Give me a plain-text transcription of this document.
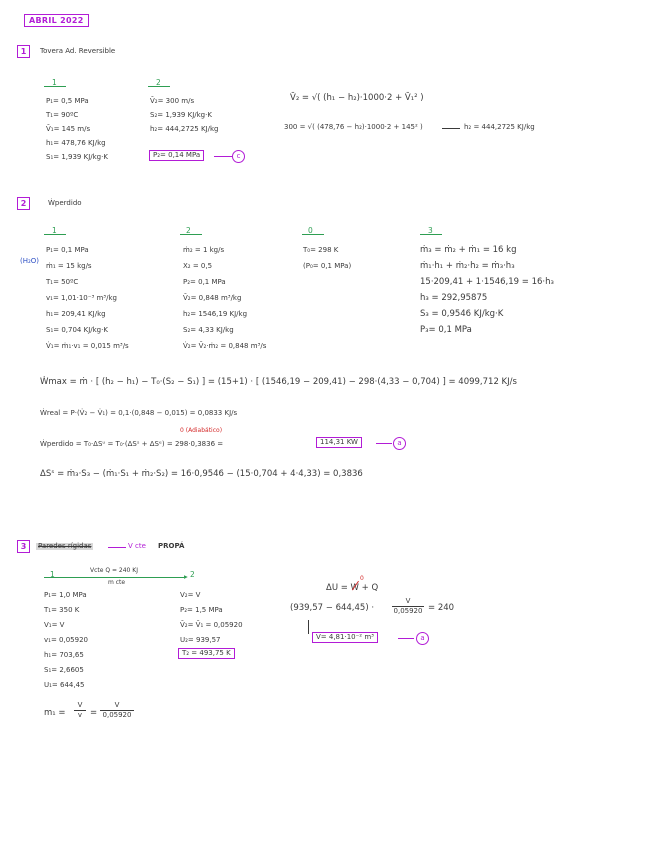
ABRIL 2022
1	Tovera Ad. Reversible
1
P₁= 0,5 MPa
T₁= 90ºC
V̄₁= 145 m/s
h₁= 478,76 KJ/kg
S₁= 1,939 KJ/kg·K
2
V̄₂= 300 m/s
S₂= 1,939 KJ/kg·K
h₂= 444,2725 KJ/kg
P₂= 0,14 MPa	c
V̄₂ = √( (h₁ − h₂)·1000·2 + V̄₁² )
300 = √( (478,76 − h₂)·1000·2 + 145² )	h₂ = 444,2725 KJ/kg
2	Ẇperdido
1
(H₂O)
P₁= 0,1 MPa
ṁ₁ = 15 kg/s
T₁= 50ºC
v₁= 1,01·10⁻³ m³/kg
h₁= 209,41 KJ/kg
S₁= 0,704 KJ/kg·K
V̇₁= ṁ₁·v₁ = 0,015 m³/s
2
ṁ₂ = 1 kg/s
X₂ = 0,5
P₂= 0,1 MPa
V̄₂= 0,848 m³/kg
h₂= 1546,19 KJ/kg
S₂= 4,33 KJ/kg
V̇₂= V̄₂·ṁ₂ = 0,848 m³/s
0
T₀= 298 K
(P₀= 0,1 MPa)
3
ṁ₃ = ṁ₂ + ṁ₁ = 16 kg
ṁ₁·h₁ + ṁ₂·h₂ = ṁ₃·h₃
15·209,41 + 1·1546,19 = 16·h₃
h₃ = 292,95875
S₃ = 0,9546 KJ/kg·K
P₃= 0,1 MPa
Ẇmax = ṁ · [ (h₂ − h₁) − T₀·(S₂ − S₁) ] = (15+1) · [ (1546,19 − 209,41) − 298·(4,33 − 0,704) ] = 4099,712 KJ/s
Ẇreal = P·(V̇₂ − V̇₁) = 0,1·(0,848 − 0,015) = 0,0833 KJ/s
0 (Adiabático)
Ẇperdido = T₀·ΔSᵘ = T₀·(ΔSˢ + ΔSᵉ) = 298·0,3836 =	114,31 KW	a
ΔSˢ = ṁ₃·S₃ − (ṁ₁·S₁ + ṁ₂·S₂) = 16·0,9546 − (15·0,704 + 4·4,33) = 0,3836
3	Paredes rígidas	V cte PROPÁ
1	▸
Vcte Q = 240 KJ
m cte
2
P₁= 1,0 MPa
T₁= 350 K
V₁= V
v₁= 0,05920
h₁= 703,65
S₁= 2,6605
U₁= 644,45
V₂= V
P₂= 1,5 MPa
V̄₂= V̄₁ = 0,05920
U₂= 939,57
T₂ = 493,75 K
ΔU = W + Q
0
(939,57 − 644,45) ·
V
0,05920 = 240
V= 4,81·10⁻² m³	a
m₁ =
V
v =
V
0,05920
